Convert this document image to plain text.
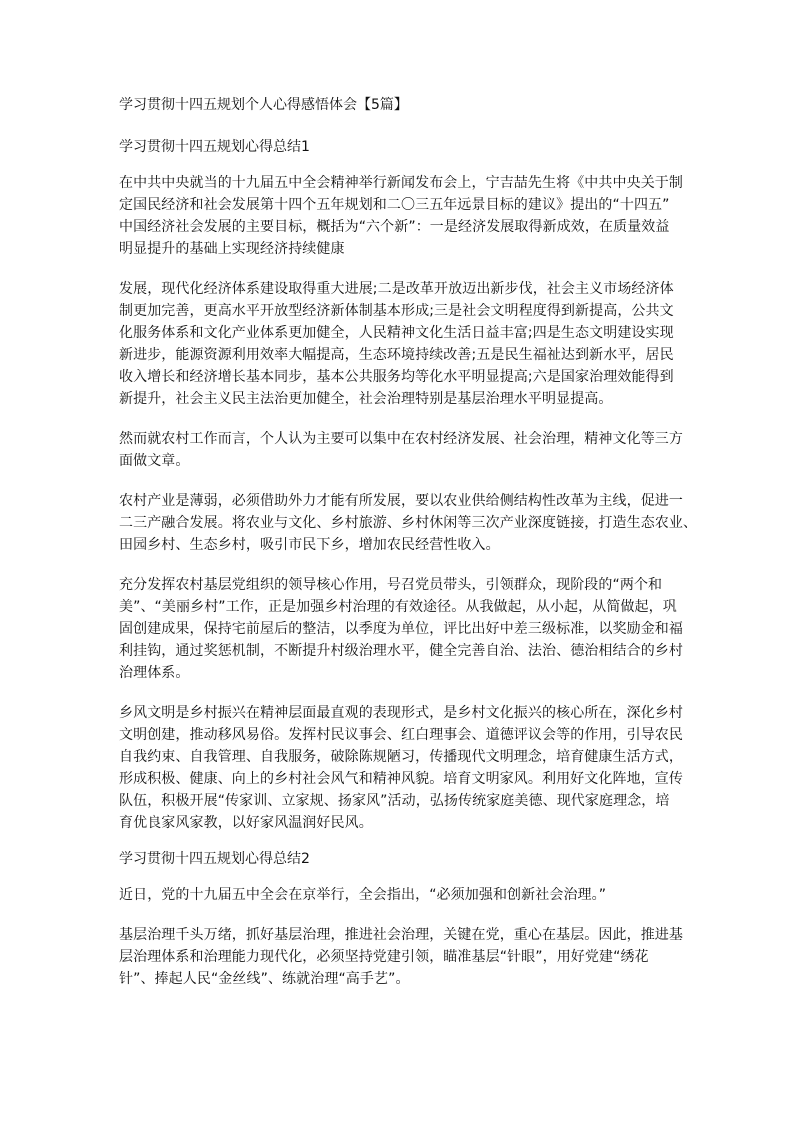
学习贯彻十四五规划个人心得感悟体会【5篇】

学习贯彻十四五规划心得总结1

在中共中央就当的十九届五中全会精神举行新闻发布会上，宁吉喆先生将《中共中央关于制

定国民经济和社会发展第十四个五年规划和二〇三五年远景目标的建议》提出的“十四五”

中国经济社会发展的主要目标，概括为“六个新”：一是经济发展取得新成效，在质量效益

明显提升的基础上实现经济持续健康

发展，现代化经济体系建设取得重大进展;二是改革开放迈出新步伐，社会主义市场经济体

制更加完善，更高水平开放型经济新体制基本形成;三是社会文明程度得到新提高，公共文

化服务体系和文化产业体系更加健全，人民精神文化生活日益丰富;四是生态文明建设实现

新进步，能源资源利用效率大幅提高，生态环境持续改善;五是民生福祉达到新水平，居民

收入增长和经济增长基本同步，基本公共服务均等化水平明显提高;六是国家治理效能得到

新提升，社会主义民主法治更加健全，社会治理特别是基层治理水平明显提高。

然而就农村工作而言，个人认为主要可以集中在农村经济发展、社会治理，精神文化等三方

面做文章。

农村产业是薄弱，必须借助外力才能有所发展，要以农业供给侧结构性改革为主线，促进一

二三产融合发展。将农业与文化、乡村旅游、乡村休闲等三次产业深度链接，打造生态农业、

田园乡村、生态乡村，吸引市民下乡，增加农民经营性收入。

充分发挥农村基层党组织的领导核心作用，号召党员带头，引领群众，现阶段的“两个和

美”、“美丽乡村”工作，正是加强乡村治理的有效途径。从我做起，从小起，从简做起，巩

固创建成果，保持宅前屋后的整洁，以季度为单位，评比出好中差三级标准，以奖励金和福

利挂钩，通过奖惩机制，不断提升村级治理水平，健全完善自治、法治、德治相结合的乡村

治理体系。

乡风文明是乡村振兴在精神层面最直观的表现形式，是乡村文化振兴的核心所在，深化乡村

文明创建，推动移风易俗。发挥村民议事会、红白理事会、道德评议会等的作用，引导农民

自我约束、自我管理、自我服务，破除陈规陋习，传播现代文明理念，培育健康生活方式，

形成积极、健康、向上的乡村社会风气和精神风貌。培育文明家风。利用好文化阵地，宣传

队伍，积极开展“传家训、立家规、扬家风”活动，弘扬传统家庭美德、现代家庭理念，培

育优良家风家教，以好家风温润好民风。

学习贯彻十四五规划心得总结2

近日，党的十九届五中全会在京举行，全会指出，“必须加强和创新社会治理。”

基层治理千头万绪，抓好基层治理，推进社会治理，关键在党，重心在基层。因此，推进基

层治理体系和治理能力现代化，必须坚持党建引领，瞄准基层“针眼”，用好党建“绣花

针”、捧起人民“金丝线”、练就治理“高手艺”。
